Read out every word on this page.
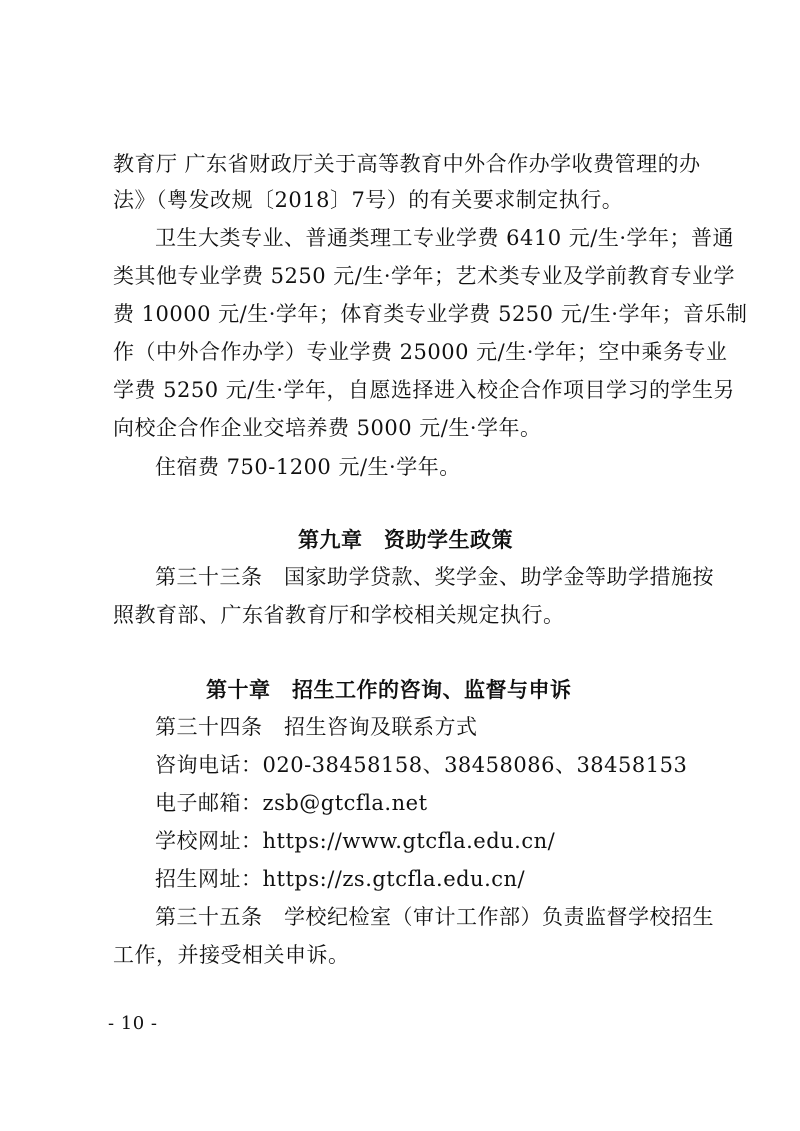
教育厅 广东省财政厅关于高等教育中外合作办学收费管理的办
法》（粤发改规〔2018〕7号）的有关要求制定执行。
卫生大类专业、普通类理工专业学费 6410 元/生·学年；普通
类其他专业学费 5250 元/生·学年；艺术类专业及学前教育专业学
费 10000 元/生·学年；体育类专业学费 5250 元/生·学年；音乐制
作（中外合作办学）专业学费 25000 元/生·学年；空中乘务专业
学费 5250 元/生·学年，自愿选择进入校企合作项目学习的学生另
向校企合作企业交培养费 5000 元/生·学年。
住宿费 750-1200 元/生·学年。
第九章　资助学生政策
第三十三条　国家助学贷款、奖学金、助学金等助学措施按
照教育部、广东省教育厅和学校相关规定执行。
第十章　招生工作的咨询、监督与申诉
第三十四条　招生咨询及联系方式
咨询电话：020-38458158、38458086、38458153
电子邮箱：zsb@gtcfla.net
学校网址：https://www.gtcfla.edu.cn/
招生网址：https://zs.gtcfla.edu.cn/
第三十五条　学校纪检室（审计工作部）负责监督学校招生
工作，并接受相关申诉。
- 10 -
